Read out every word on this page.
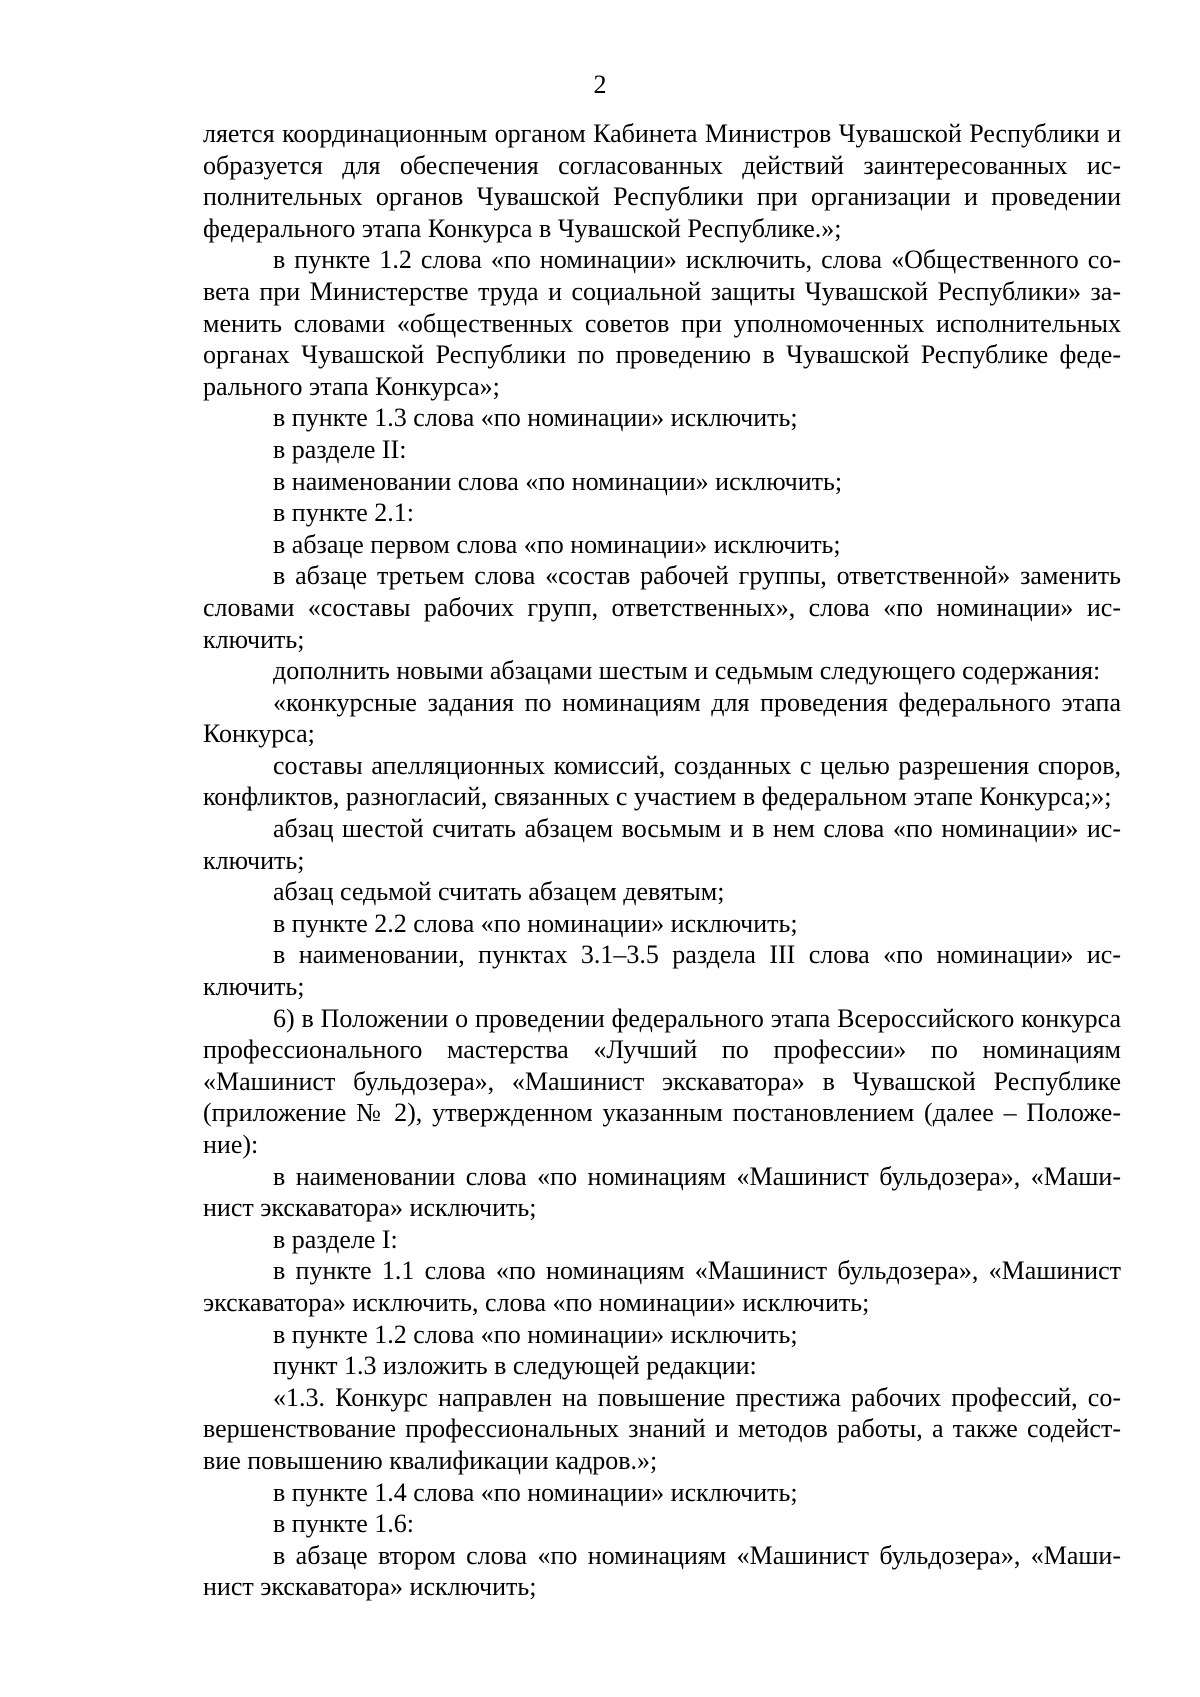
2

ляется координационным органом Кабинета Министров Чувашской Республики и образуется для обеспечения согласованных действий заинтересованных исполнительных органов Чувашской Республики при организации и проведении федерального этапа Конкурса в Чувашской Республике.»;

в пункте 1.2 слова «по номинации» исключить, слова «Общественного совета при Министерстве труда и социальной защиты Чувашской Республики» заменить словами «общественных советов при уполномоченных исполнительных органах Чувашской Республики по проведению в Чувашской Республике федерального этапа Конкурса»;

в пункте 1.3 слова «по номинации» исключить;

в разделе II:

в наименовании слова «по номинации» исключить;

в пункте 2.1:

в абзаце первом слова «по номинации» исключить;

в абзаце третьем слова «состав рабочей группы, ответственной» заменить словами «составы рабочих групп, ответственных», слова «по номинации» исключить;

дополнить новыми абзацами шестым и седьмым следующего содержания:

«конкурсные задания по номинациям для проведения федерального этапа Конкурса;

составы апелляционных комиссий, созданных с целью разрешения споров, конфликтов, разногласий, связанных с участием в федеральном этапе Конкурса;»;

абзац шестой считать абзацем восьмым и в нем слова «по номинации» исключить;

абзац седьмой считать абзацем девятым;

в пункте 2.2 слова «по номинации» исключить;

в наименовании, пунктах 3.1–3.5 раздела III слова «по номинации» исключить;

6) в Положении о проведении федерального этапа Всероссийского конкурса профессионального мастерства «Лучший по профессии» по номинациям «Машинист бульдозера», «Машинист экскаватора» в Чувашской Республике (приложение № 2), утвержденном указанным постановлением (далее – Положение):

в наименовании слова «по номинациям «Машинист бульдозера», «Машинист экскаватора» исключить;

в разделе I:

в пункте 1.1 слова «по номинациям «Машинист бульдозера», «Машинист экскаватора» исключить, слова «по номинации» исключить;

в пункте 1.2 слова «по номинации» исключить;

пункт 1.3 изложить в следующей редакции:

«1.3. Конкурс направлен на повышение престижа рабочих профессий, совершенствование профессиональных знаний и методов работы, а также содействие повышению квалификации кадров.»;

в пункте 1.4 слова «по номинации» исключить;

в пункте 1.6:

в абзаце втором слова «по номинациям «Машинист бульдозера», «Машинист экскаватора» исключить;
